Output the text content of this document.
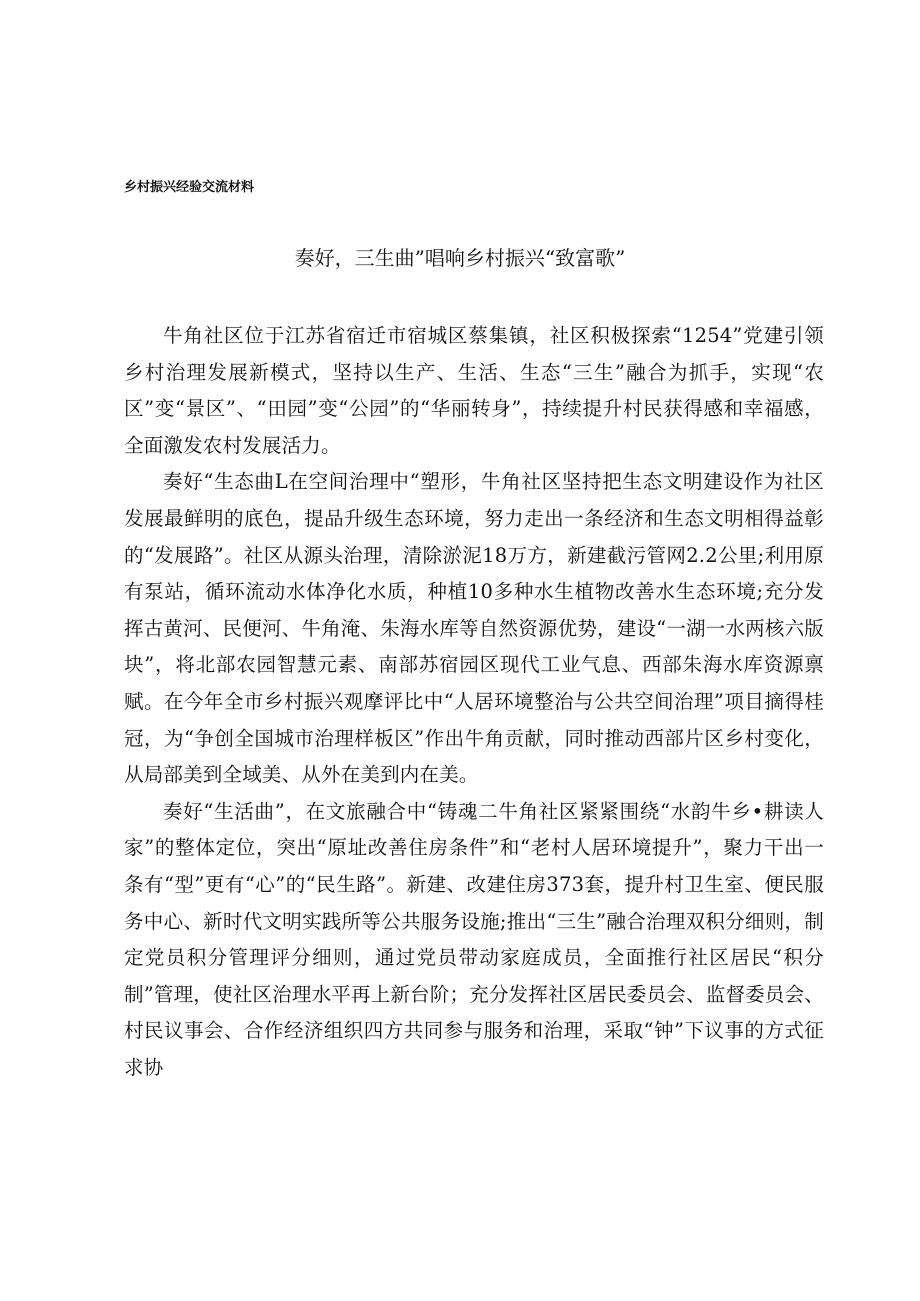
乡村振兴经验交流材料
奏好，三生曲”唱响乡村振兴“致富歌”

牛角社区位于江苏省宿迁市宿城区蔡集镇，社区积极探索“1254”党建引领乡村治理发展新模式，坚持以生产、生活、生态“三生”融合为抓手，实现“农区”变“景区”、“田园”变“公园”的“华丽转身”，持续提升村民获得感和幸福感，全面激发农村发展活力。

奏好“生态曲L在空间治理中“塑形，牛角社区坚持把生态文明建设作为社区发展最鲜明的底色，提品升级生态环境，努力走出一条经济和生态文明相得益彰的“发展路”。社区从源头治理，清除淤泥18万方，新建截污管网2.2公里;利用原有泵站，循环流动水体净化水质，种植10多种水生植物改善水生态环境;充分发挥古黄河、民便河、牛角淹、朱海水库等自然资源优势，建设“一湖一水两核六版块”，将北部农园智慧元素、南部苏宿园区现代工业气息、西部朱海水库资源禀赋。在今年全市乡村振兴观摩评比中“人居环境整治与公共空间治理”项目摘得桂冠，为“争创全国城市治理样板区”作出牛角贡献，同时推动西部片区乡村变化，从局部美到全域美、从外在美到内在美。

奏好“生活曲”，在文旅融合中“铸魂二牛角社区紧紧围绕“水韵牛乡•耕读人家”的整体定位，突出“原址改善住房条件”和“老村人居环境提升”，聚力干出一条有“型”更有“心”的“民生路”。新建、改建住房373套，提升村卫生室、便民服务中心、新时代文明实践所等公共服务设施;推出“三生”融合治理双积分细则，制定党员积分管理评分细则，通过党员带动家庭成员，全面推行社区居民“积分制”管理，使社区治理水平再上新台阶；充分发挥社区居民委员会、监督委员会、村民议事会、合作经济组织四方共同参与服务和治理，采取“钟”下议事的方式征求协
